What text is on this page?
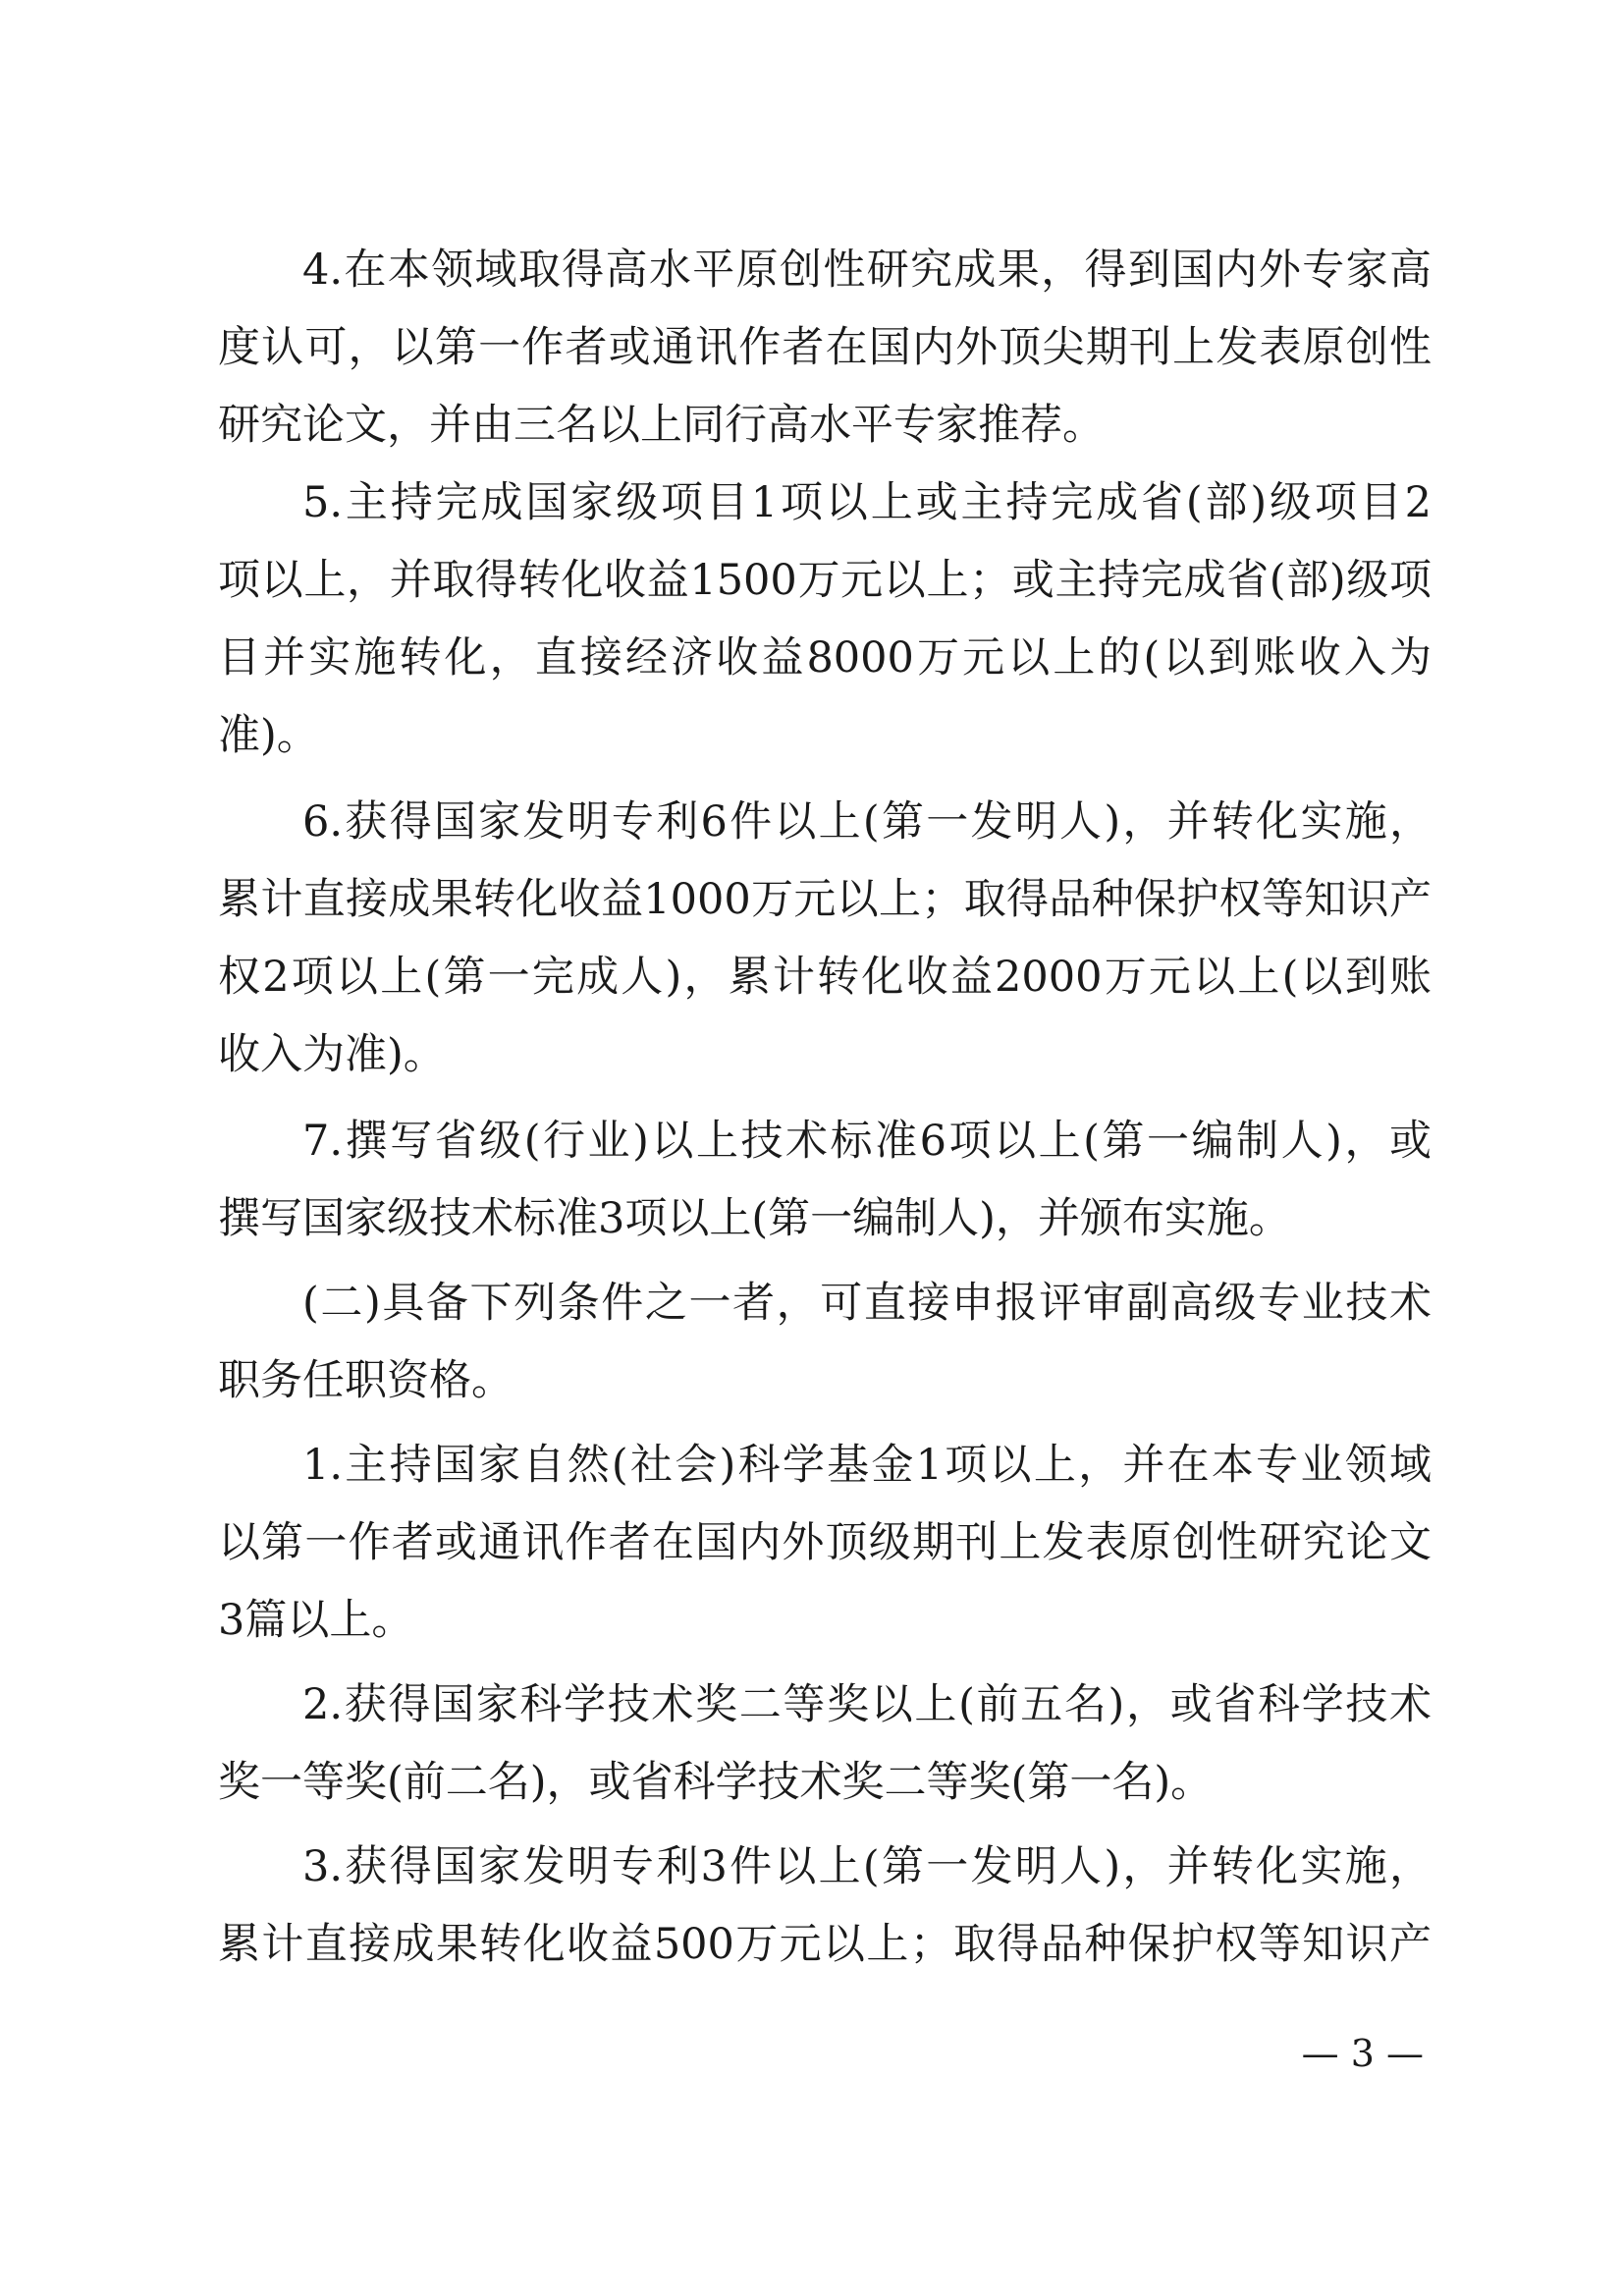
4.在本领域取得高水平原创性研究成果，得到国内外专家高
度认可，以第一作者或通讯作者在国内外顶尖期刊上发表原创性
研究论文，并由三名以上同行高水平专家推荐。
5.主持完成国家级项目1项以上或主持完成省(部)级项目2
项以上，并取得转化收益1500万元以上；或主持完成省(部)级项
目并实施转化，直接经济收益8000万元以上的(以到账收入为
准)。
6.获得国家发明专利6件以上(第一发明人)，并转化实施，
累计直接成果转化收益1000万元以上；取得品种保护权等知识产
权2项以上(第一完成人)，累计转化收益2000万元以上(以到账
收入为准)。
7.撰写省级(行业)以上技术标准6项以上(第一编制人)，或
撰写国家级技术标准3项以上(第一编制人)，并颁布实施。
(二)具备下列条件之一者，可直接申报评审副高级专业技术
职务任职资格。
1.主持国家自然(社会)科学基金1项以上，并在本专业领域
以第一作者或通讯作者在国内外顶级期刊上发表原创性研究论文
3篇以上。
2.获得国家科学技术奖二等奖以上(前五名)，或省科学技术
奖一等奖(前二名)，或省科学技术奖二等奖(第一名)。
3.获得国家发明专利3件以上(第一发明人)，并转化实施，
累计直接成果转化收益500万元以上；取得品种保护权等知识产
— 3 —
